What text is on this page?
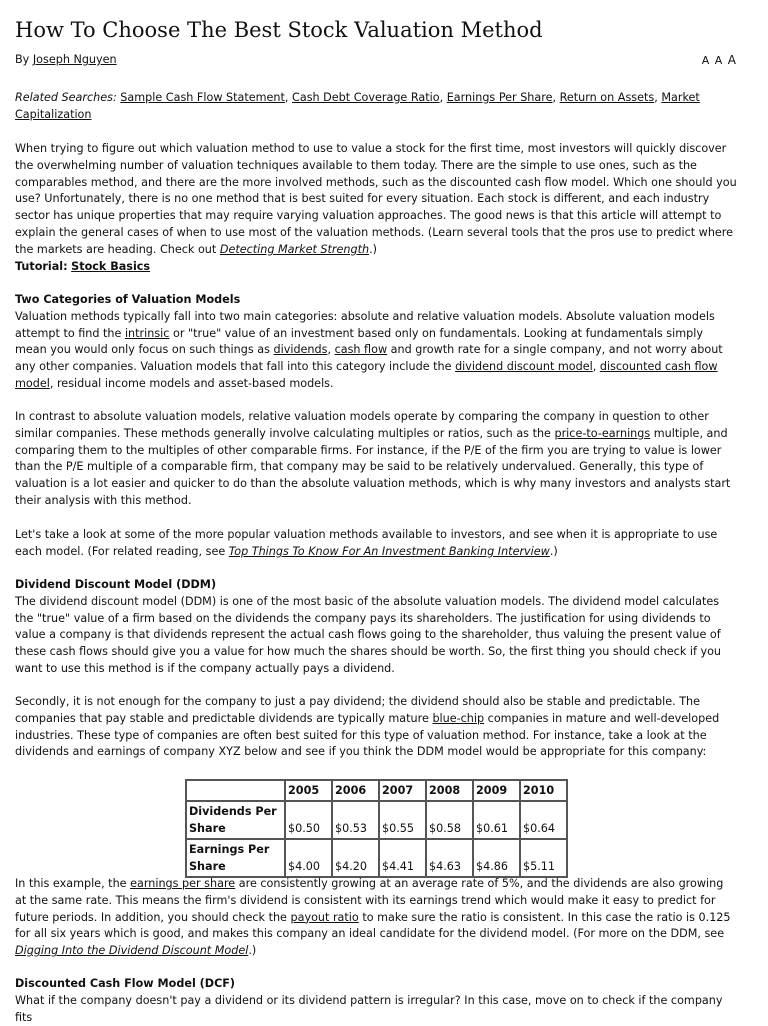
How To Choose The Best Stock Valuation Method
By Joseph Nguyen	A A A
Related Searches: Sample Cash Flow Statement, Cash Debt Coverage Ratio, Earnings Per Share, Return on Assets, Market Capitalization

When trying to figure out which valuation method to use to value a stock for the first time, most investors will quickly discover the overwhelming number of valuation techniques available to them today. There are the simple to use ones, such as the comparables method, and there are the more involved methods, such as the discounted cash flow model. Which one should you use? Unfortunately, there is no one method that is best suited for every situation. Each stock is different, and each industry sector has unique properties that may require varying valuation approaches. The good news is that this article will attempt to explain the general cases of when to use most of the valuation methods. (Learn several tools that the pros use to predict where the markets are heading. Check out Detecting Market Strength.)

Tutorial: Stock Basics

Two Categories of Valuation Models

Valuation methods typically fall into two main categories: absolute and relative valuation models. Absolute valuation models attempt to find the intrinsic or "true" value of an investment based only on fundamentals. Looking at fundamentals simply mean you would only focus on such things as dividends, cash flow and growth rate for a single company, and not worry about any other companies. Valuation models that fall into this category include the dividend discount model, discounted cash flow model, residual income models and asset-based models.

In contrast to absolute valuation models, relative valuation models operate by comparing the company in question to other similar companies. These methods generally involve calculating multiples or ratios, such as the price-to-earnings multiple, and comparing them to the multiples of other comparable firms. For instance, if the P/E of the firm you are trying to value is lower than the P/E multiple of a comparable firm, that company may be said to be relatively undervalued. Generally, this type of valuation is a lot easier and quicker to do than the absolute valuation methods, which is why many investors and analysts start their analysis with this method.

Let's take a look at some of the more popular valuation methods available to investors, and see when it is appropriate to use each model. (For related reading, see Top Things To Know For An Investment Banking Interview.)

Dividend Discount Model (DDM)

The dividend discount model (DDM) is one of the most basic of the absolute valuation models. The dividend model calculates the "true" value of a firm based on the dividends the company pays its shareholders. The justification for using dividends to value a company is that dividends represent the actual cash flows going to the shareholder, thus valuing the present value of these cash flows should give you a value for how much the shares should be worth. So, the first thing you should check if you want to use this method is if the company actually pays a dividend.

Secondly, it is not enough for the company to just a pay dividend; the dividend should also be stable and predictable. The companies that pay stable and predictable dividends are typically mature blue-chip companies in mature and well-developed industries. These type of companies are often best suited for this type of valuation method. For instance, take a look at the dividends and earnings of company XYZ below and see if you think the DDM model would be appropriate for this company:

	2005	2006	2007	2008	2009	2010
Dividends Per Share	$0.50	$0.53	$0.55	$0.58	$0.61	$0.64
Earnings Per Share	$4.00	$4.20	$4.41	$4.63	$4.86	$5.11

In this example, the earnings per share are consistently growing at an average rate of 5%, and the dividends are also growing at the same rate. This means the firm's dividend is consistent with its earnings trend which would make it easy to predict for future periods. In addition, you should check the payout ratio to make sure the ratio is consistent. In this case the ratio is 0.125 for all six years which is good, and makes this company an ideal candidate for the dividend model. (For more on the DDM, see Digging Into the Dividend Discount Model.)

Discounted Cash Flow Model (DCF)

What if the company doesn't pay a dividend or its dividend pattern is irregular? In this case, move on to check if the company fits
